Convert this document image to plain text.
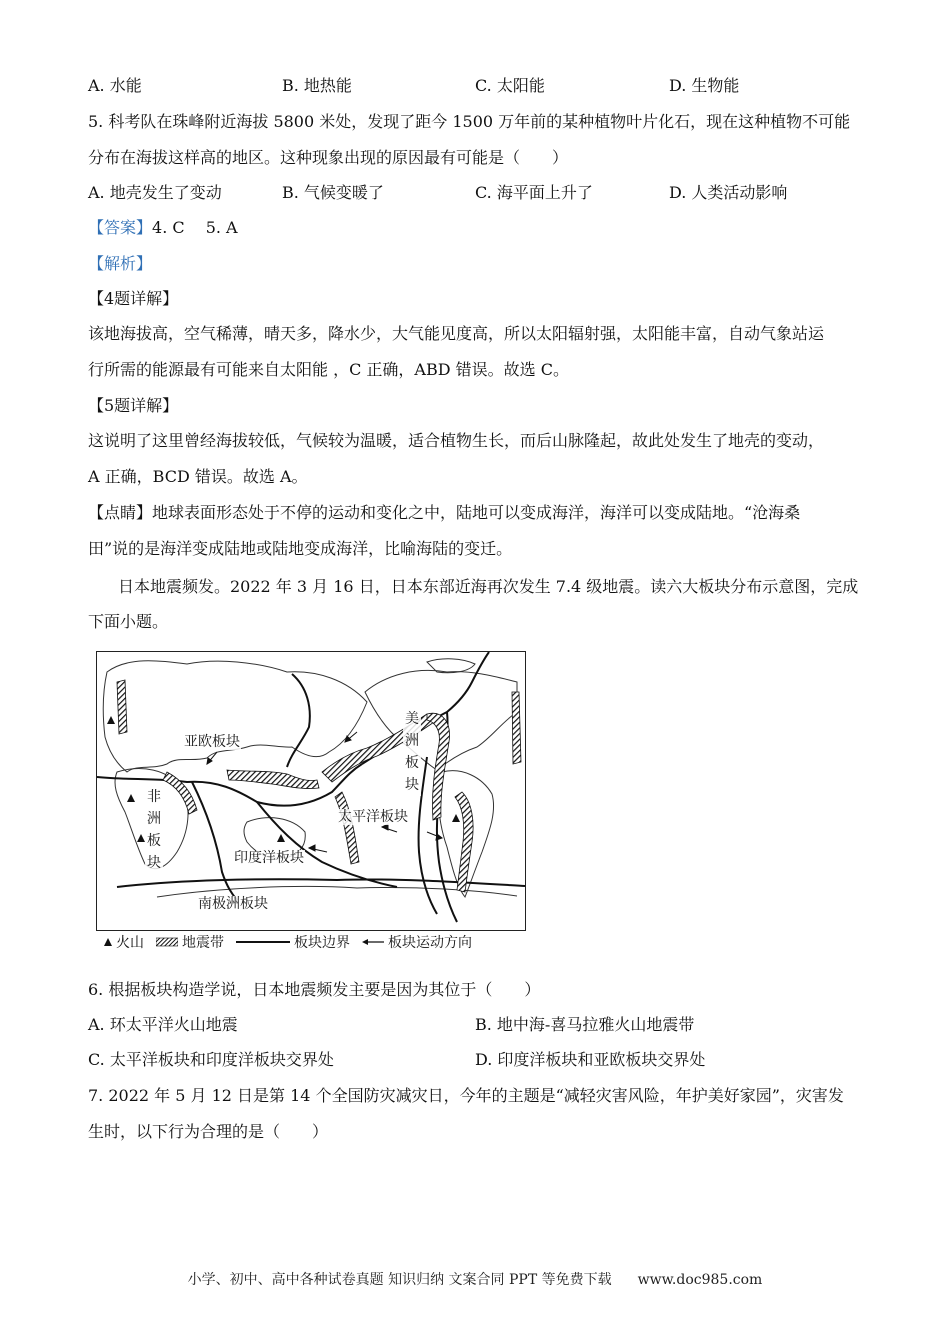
A. 水能	B. 地热能	C. 太阳能	D. 生物能
5. 科考队在珠峰附近海拔 5800 米处，发现了距今 1500 万年前的某种植物叶片化石，现在这种植物不可能
分布在海拔这样高的地区。这种现象出现的原因最有可能是（　　）
A. 地壳发生了变动	B. 气候变暖了	C. 海平面上升了	D. 人类活动影响
【答案】4. C　 5. A
【解析】
【4题详解】
该地海拔高，空气稀薄，晴天多，降水少，大气能见度高，所以太阳辐射强，太阳能丰富，自动气象站运
行所需的能源最有可能来自太阳能 ，C 正确，ABD 错误。故选 C。
【5题详解】
这说明了这里曾经海拔较低，气候较为温暖，适合植物生长，而后山脉隆起，故此处发生了地壳的变动，
A 正确，BCD 错误。故选 A。
【点睛】地球表面形态处于不停的运动和变化之中，陆地可以变成海洋，海洋可以变成陆地。“沧海桑
田”说的是海洋变成陆地或陆地变成海洋，比喻海陆的变迁。
日本地震频发。2022 年 3 月 16 日，日本东部近海再次发生 7.4 级地震。读六大板块分布示意图，完成
下面小题。
亚欧板块
非洲板块	印度洋板块
太平洋板块
美洲板块
南极洲板块
火山	地震带	板块边界	板块运动方向
6. 根据板块构造学说，日本地震频发主要是因为其位于（　　）
A. 环太平洋火山地震	B. 地中海-喜马拉雅火山地震带
C. 太平洋板块和印度洋板块交界处	D. 印度洋板块和亚欧板块交界处
7. 2022 年 5 月 12 日是第 14 个全国防灾减灾日，今年的主题是“减轻灾害风险，年护美好家园”，灾害发
生时，以下行为合理的是（　　）
小学、初中、高中各种试卷真题 知识归纳 文案合同 PPT 等免费下载 www.doc985.com
